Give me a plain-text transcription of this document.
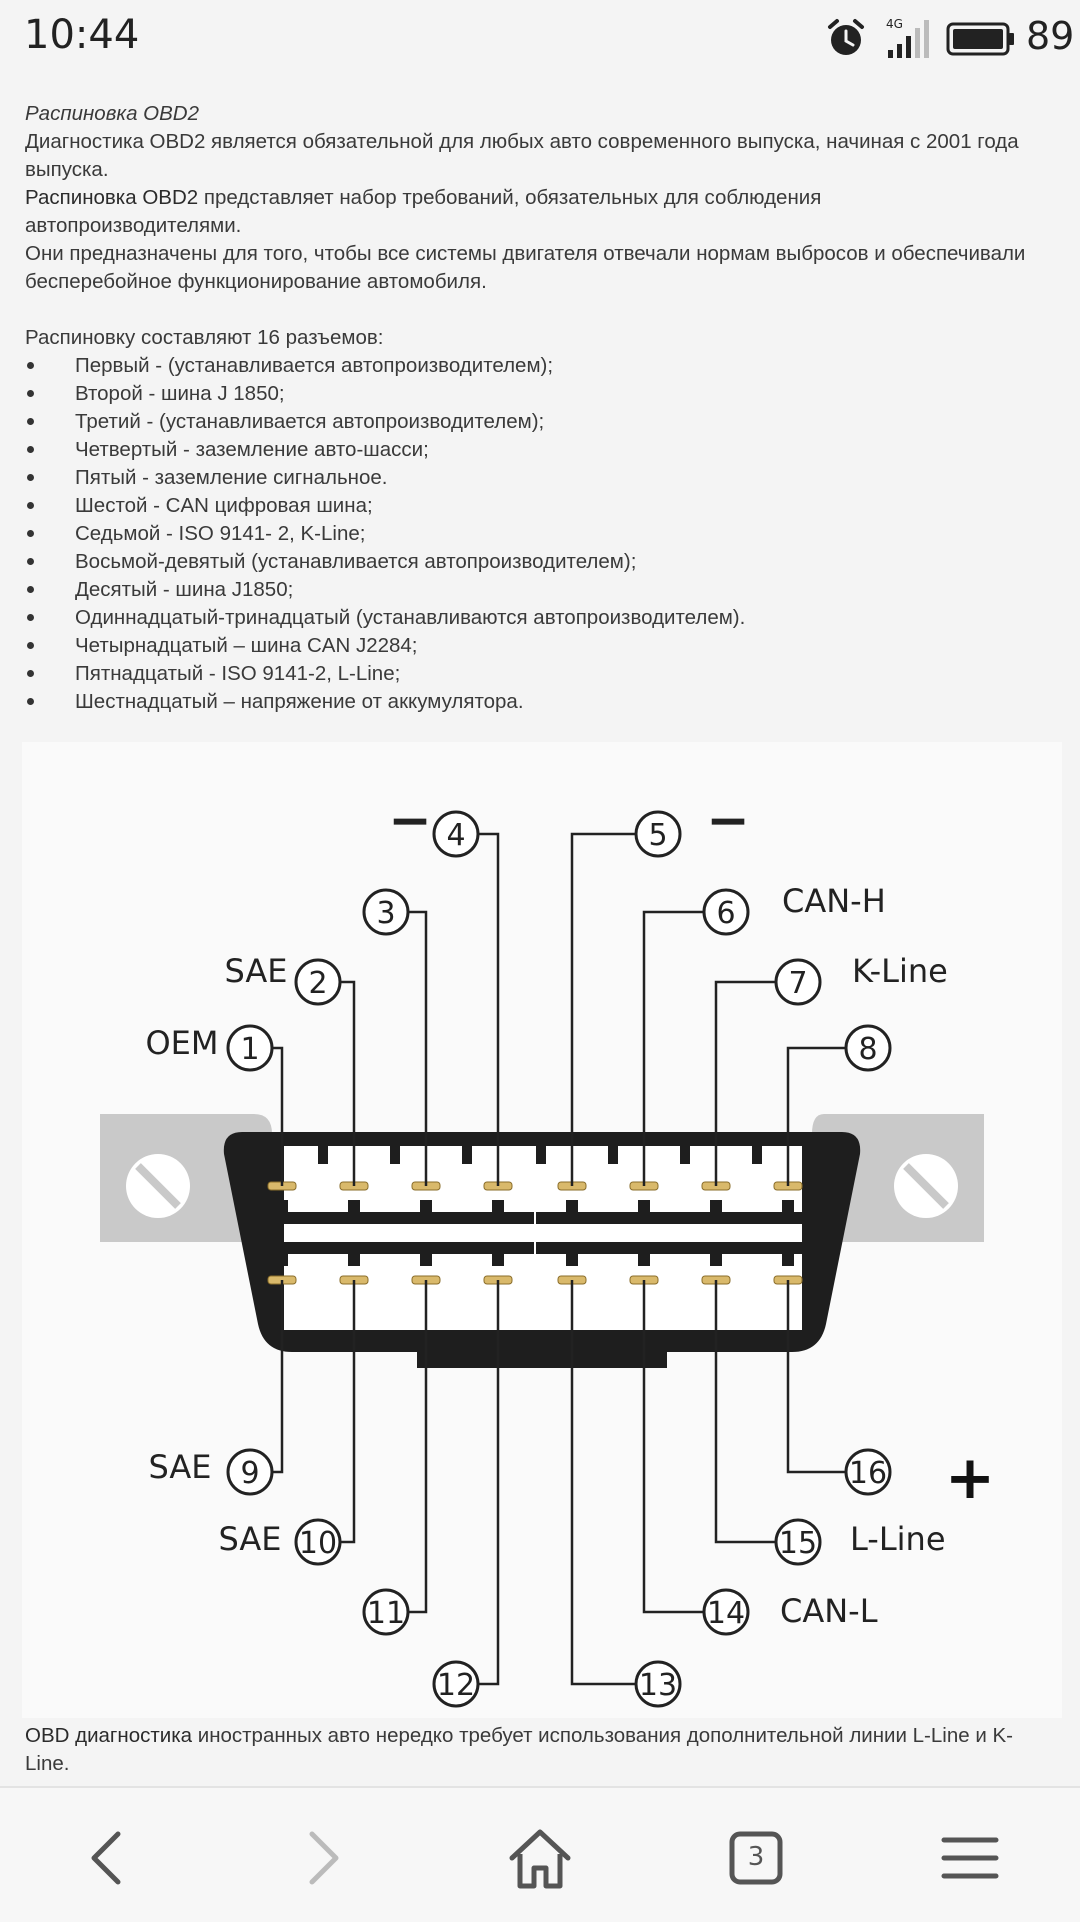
10:44	4G	89

Распиновка OBD2

Диагностика OBD2 является обязательной для любых авто современного выпуска, начиная с 2001 года выпуска.

Распиновка OBD2 представляет набор требований, обязательных для соблюдения автопроизводителями.

Они предназначены для того, чтобы все системы двигателя отвечали нормам выбросов и обеспечивали бесперебойное функционирование автомобиля.

Распиновку составляют 16 разъемов:

Первый - (устанавливается автопроизводителем);
Второй - шина J 1850;
Третий - (устанавливается автопроизводителем);
Четвертый - заземление авто-шасси;
Пятый - заземление сигнальное.
Шестой - CAN цифровая шина;
Седьмой - ISO 9141- 2, K-Line;
Восьмой-девятый (устанавливается автопроизводителем);
Десятый - шина J1850;
Одиннадцатый-тринадцатый (устанавливаются автопроизводителем).
Четырнадцатый – шина CAN J2284;
Пятнадцатый - ISO 9141-2, L-Line;
Шестнадцатый – напряжение от аккумулятора.
1
2
3
4	5
6
7
8
9
10
11
12	13
14
15
16
OEM
SAE
−	−
CAN-H
K-Line
SAE
SAE
CAN-L
L-Line
+
OBD диагностика иностранных авто нередко требует использования дополнительной линии L-Line и K-Line.
3
